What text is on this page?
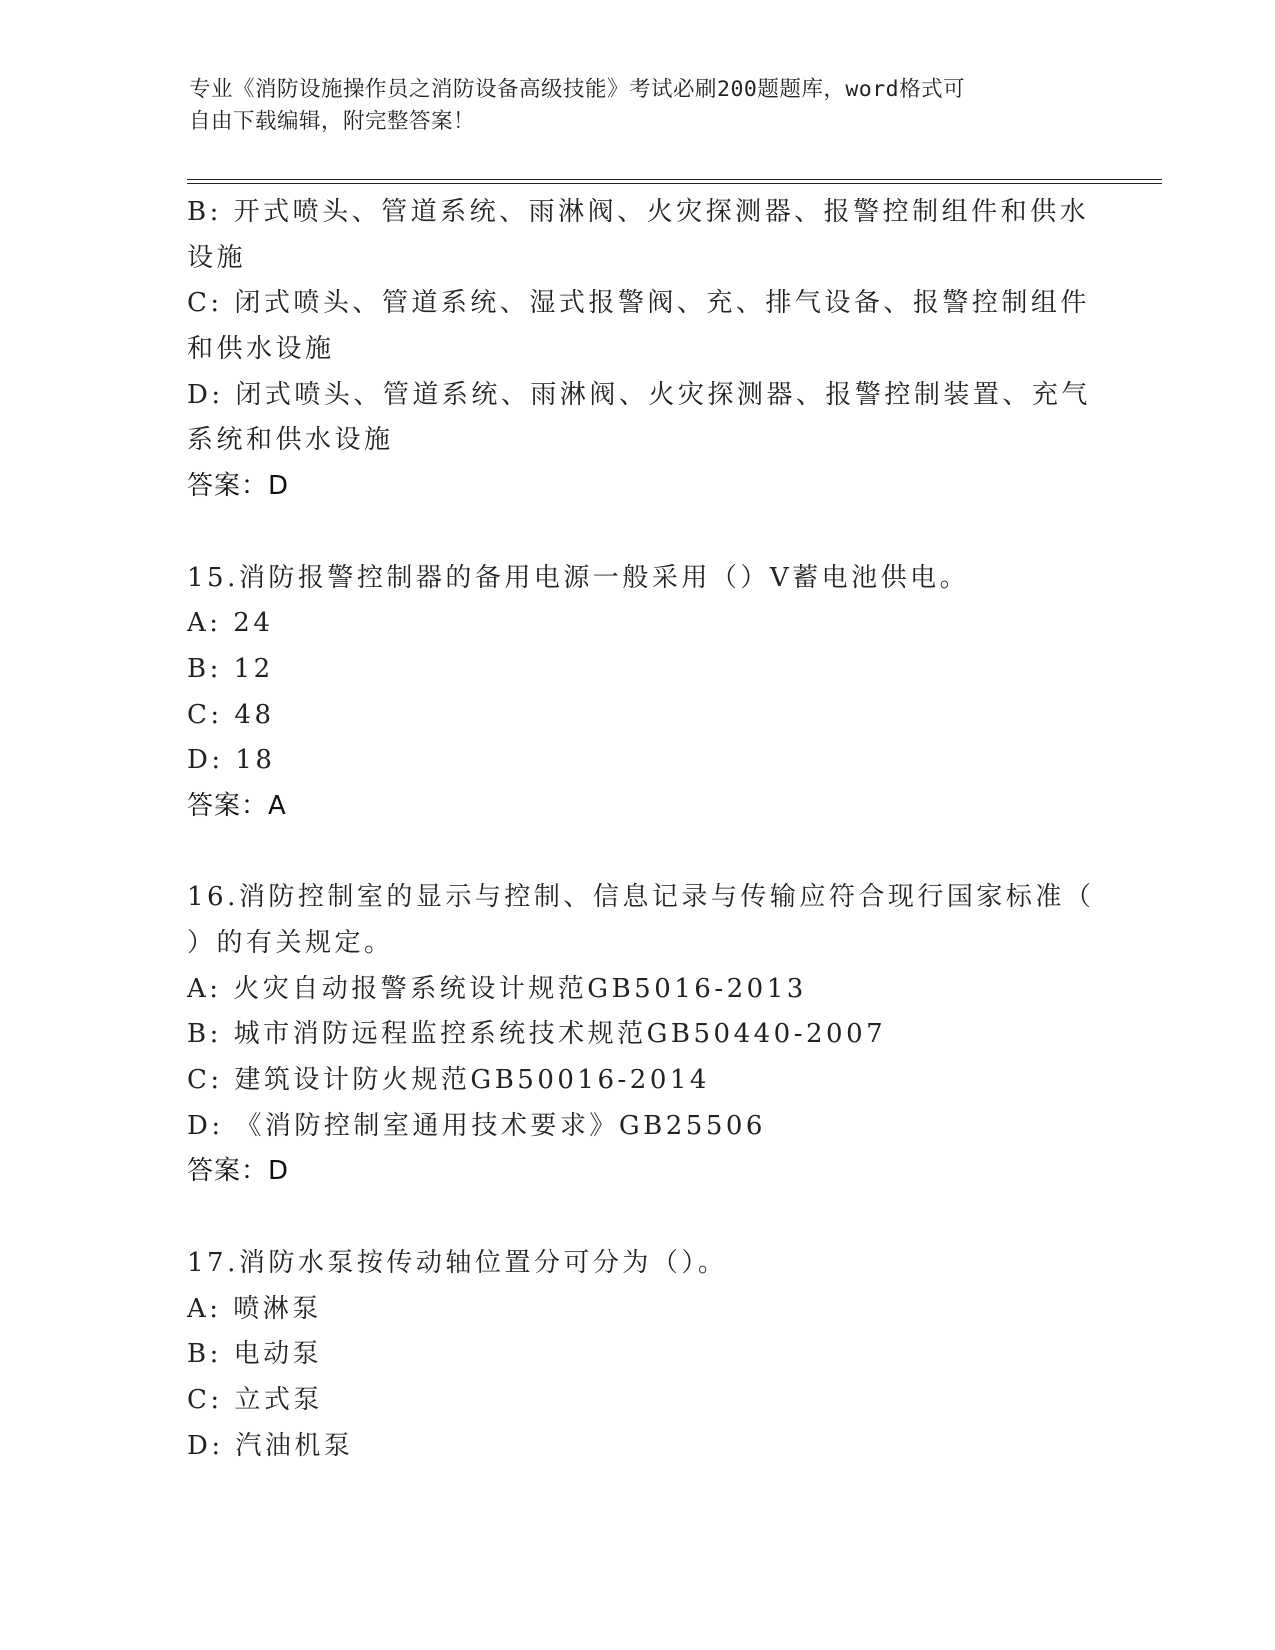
专业《消防设施操作员之消防设备高级技能》考试必刷200题题库，word格式可
自由下载编辑，附完整答案！
B: 开式喷头、管道系统、雨淋阀、火灾探测器、报警控制组件和供水
设施
C: 闭式喷头、管道系统、湿式报警阀、充、排气设备、报警控制组件
和供水设施
D: 闭式喷头、管道系统、雨淋阀、火灾探测器、报警控制装置、充气
系统和供水设施
答案：D
15.消防报警控制器的备用电源一般采用（）V蓄电池供电。
A: 24
B: 12
C: 48
D: 18
答案：A
16.消防控制室的显示与控制、信息记录与传输应符合现行国家标准（
）的有关规定。
A: 火灾自动报警系统设计规范GB5016-2013
B: 城市消防远程监控系统技术规范GB50440-2007
C: 建筑设计防火规范GB50016-2014
D: 《消防控制室通用技术要求》GB25506
答案：D
17.消防水泵按传动轴位置分可分为（）。
A: 喷淋泵
B: 电动泵
C: 立式泵
D: 汽油机泵
